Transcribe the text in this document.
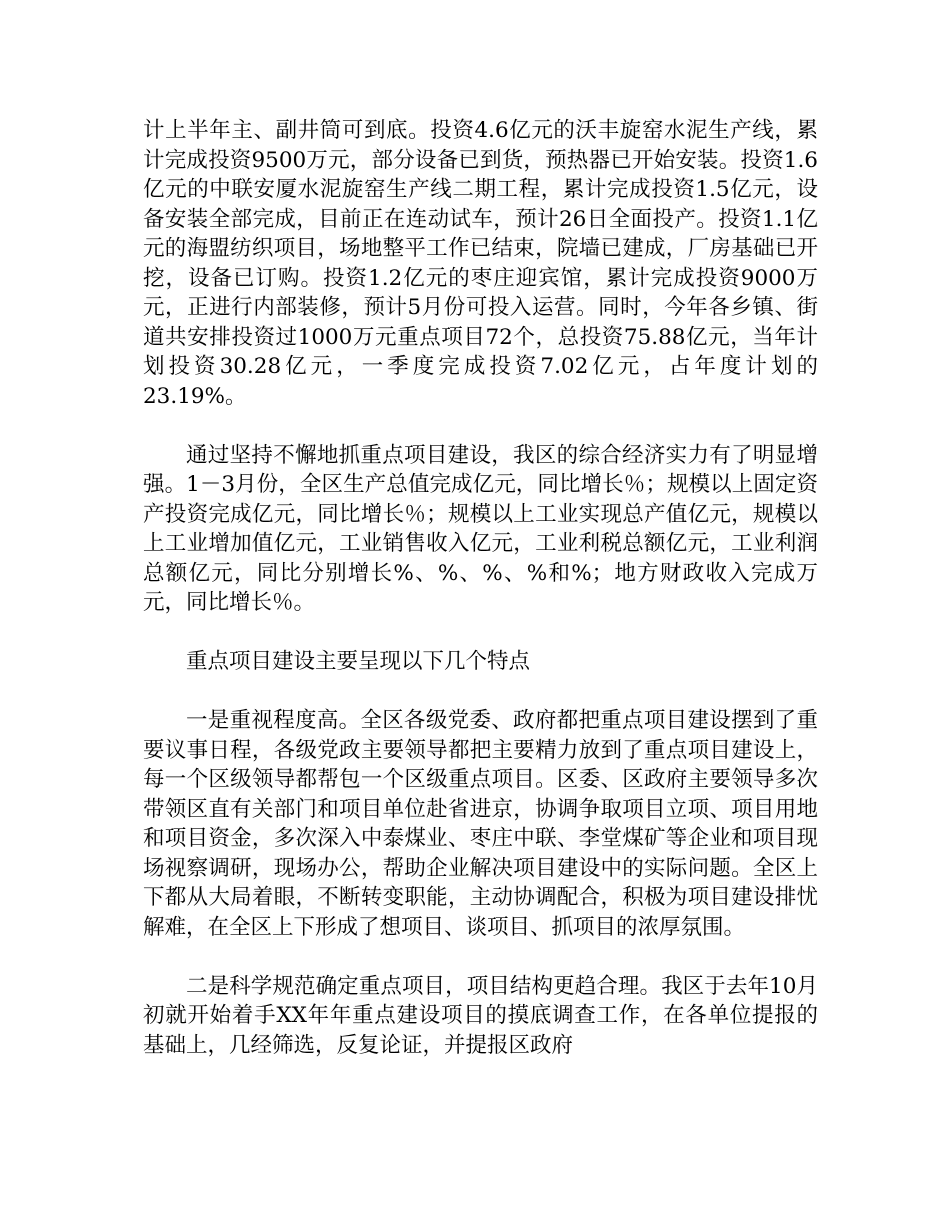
计上半年主、副井筒可到底。投资4.6亿元的沃丰旋窑水泥生产线，累计完成投资9500万元，部分设备已到货，预热器已开始安装。投资1.6亿元的中联安厦水泥旋窑生产线二期工程，累计完成投资1.5亿元，设备安装全部完成，目前正在连动试车，预计26日全面投产。投资1.1亿元的海盟纺织项目，场地整平工作已结束，院墙已建成，厂房基础已开挖，设备已订购。投资1.2亿元的枣庄迎宾馆，累计完成投资9000万元，正进行内部装修，预计5月份可投入运营。同时，今年各乡镇、街道共安排投资过1000万元重点项目72个，总投资75.88亿元，当年计划投资30.28亿元，一季度完成投资7.02亿元，占年度计划的23.19%。

通过坚持不懈地抓重点项目建设，我区的综合经济实力有了明显增强。1－3月份，全区生产总值完成亿元，同比增长％；规模以上固定资产投资完成亿元，同比增长％；规模以上工业实现总产值亿元，规模以上工业增加值亿元，工业销售收入亿元，工业利税总额亿元，工业利润总额亿元，同比分别增长%、%、%、%和%；地方财政收入完成万元，同比增长％。

重点项目建设主要呈现以下几个特点

一是重视程度高。全区各级党委、政府都把重点项目建设摆到了重要议事日程，各级党政主要领导都把主要精力放到了重点项目建设上，每一个区级领导都帮包一个区级重点项目。区委、区政府主要领导多次带领区直有关部门和项目单位赴省进京，协调争取项目立项、项目用地和项目资金，多次深入中泰煤业、枣庄中联、李堂煤矿等企业和项目现场视察调研，现场办公，帮助企业解决项目建设中的实际问题。全区上下都从大局着眼，不断转变职能，主动协调配合，积极为项目建设排忧解难，在全区上下形成了想项目、谈项目、抓项目的浓厚氛围。

二是科学规范确定重点项目，项目结构更趋合理。我区于去年10月初就开始着手XX年年重点建设项目的摸底调查工作，在各单位提报的基础上，几经筛选，反复论证，并提报区政府
